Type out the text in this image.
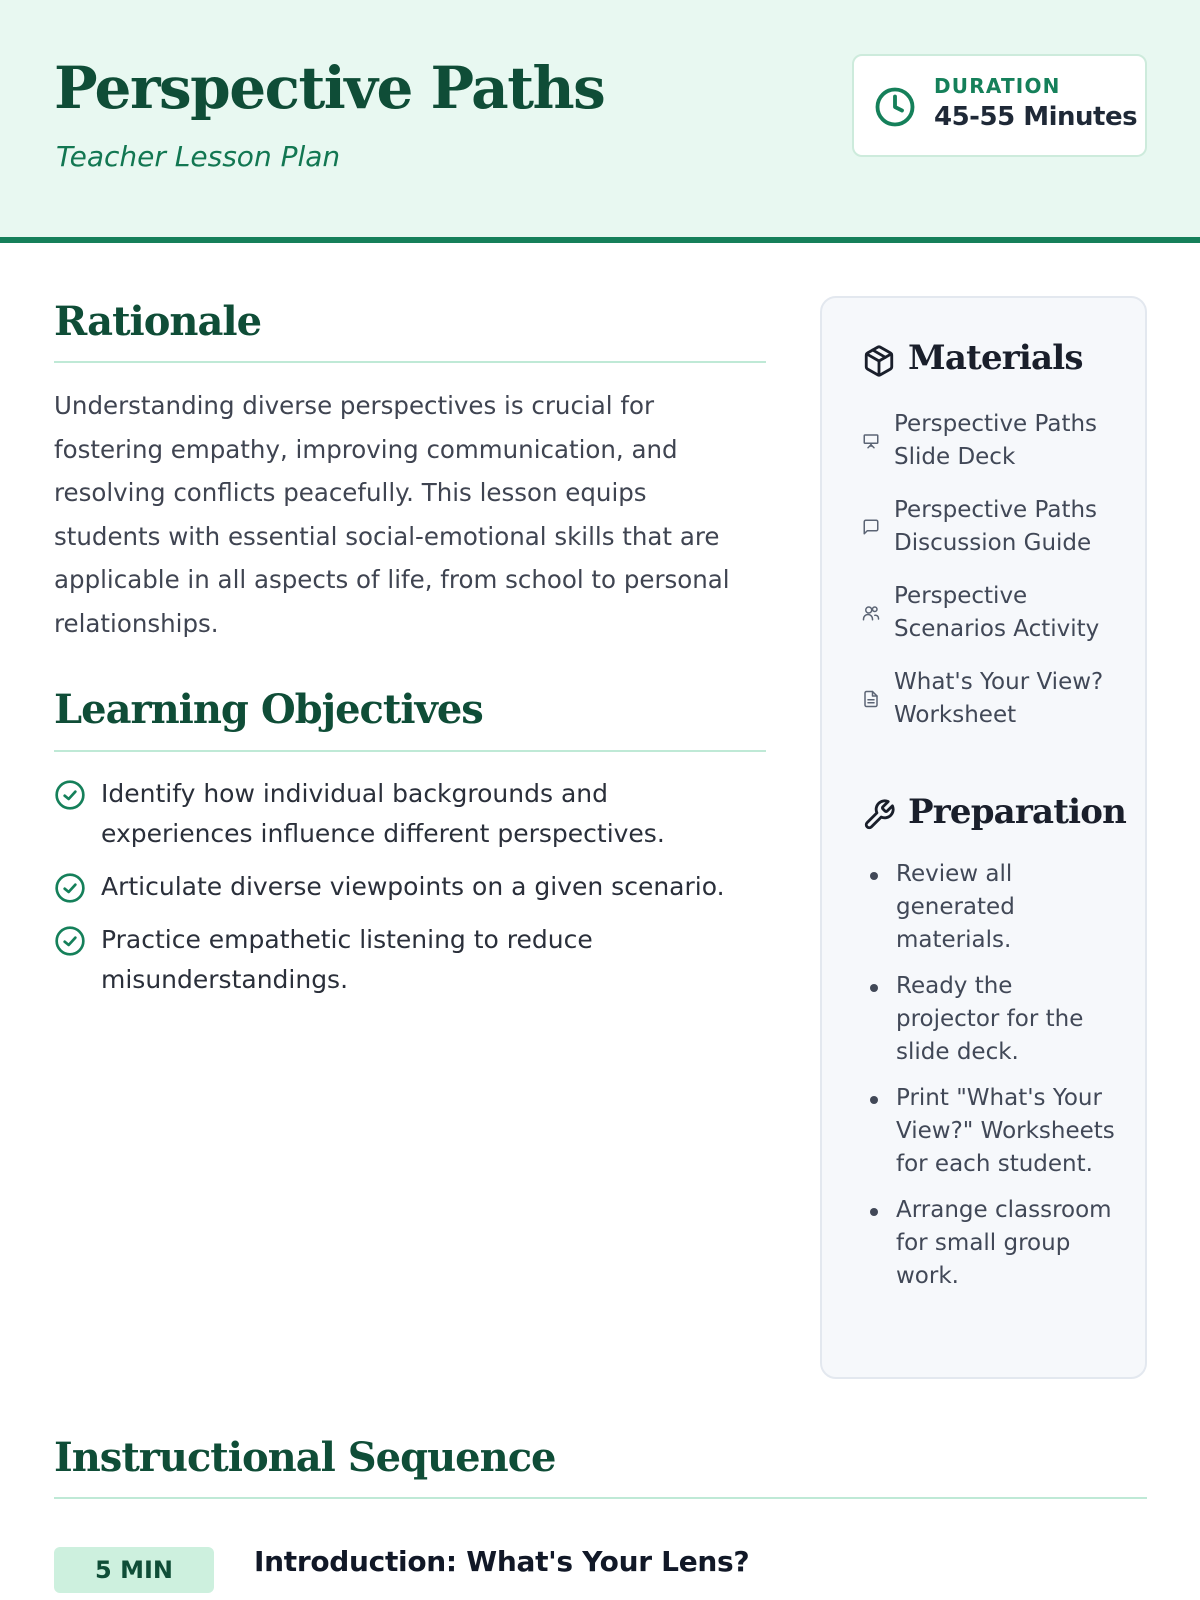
Perspective Paths
Teacher Lesson Plan
DURATION
45-55 Minutes
Rationale

Understanding diverse perspectives is crucial for fostering empathy, improving communication, and resolving conflicts peacefully. This lesson equips students with essential social-emotional skills that are applicable in all aspects of life, from school to personal relationships.

Learning Objectives
Identify how individual backgrounds and experiences influence different perspectives.
Articulate diverse viewpoints on a given scenario.
Practice empathetic listening to reduce misunderstandings.
Materials
Perspective Paths Slide Deck
Perspective Paths Discussion Guide
Perspective Scenarios Activity
What's Your View? Worksheet
Preparation
Review all generated materials.
Ready the projector for the slide deck.
Print "What's Your View?" Worksheets for each student.
Arrange classroom for small group work.
Instructional Sequence
5 MIN	Introduction: What's Your Lens?
